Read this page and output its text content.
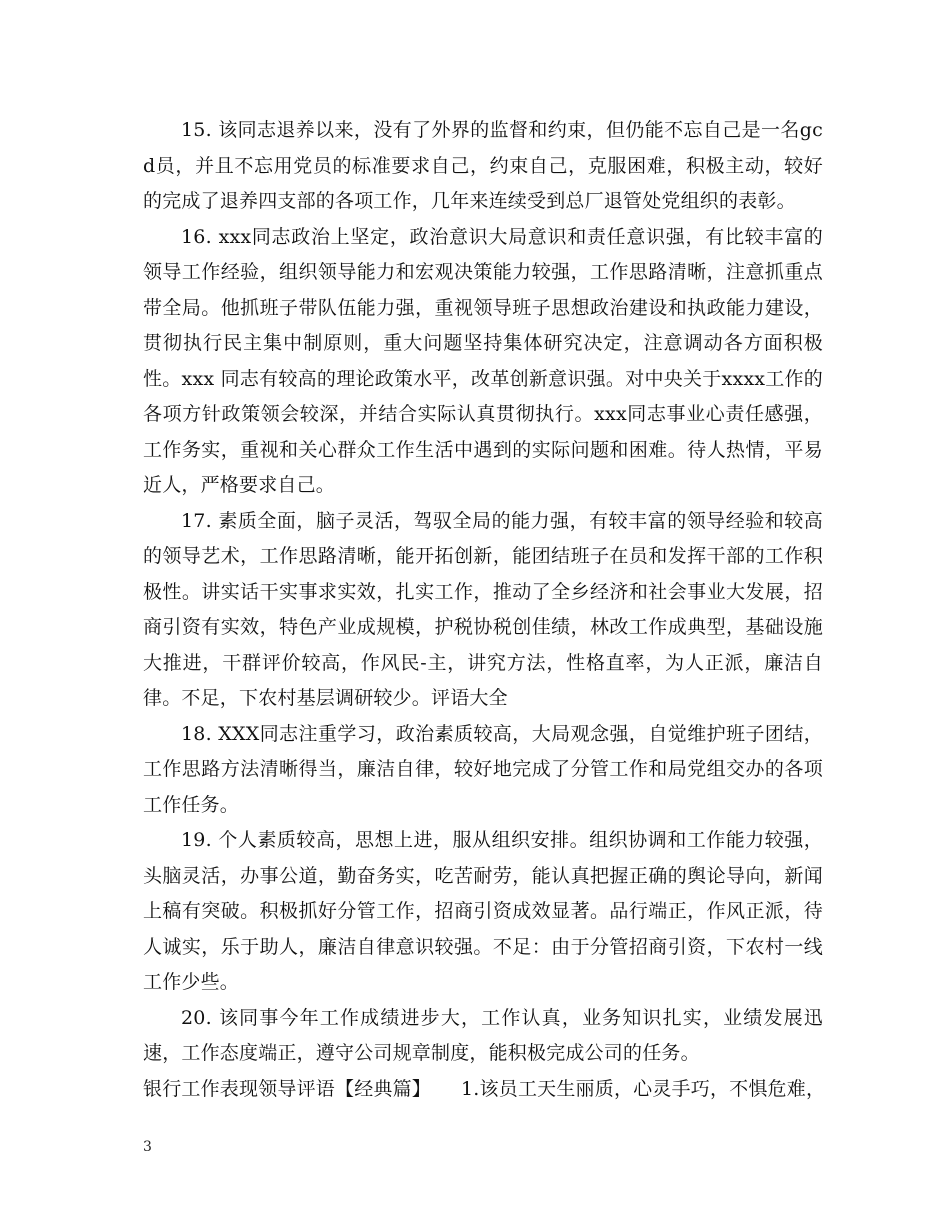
15. 该同志退养以来，没有了外界的监督和约束，但仍能不忘自己是一名gcd员，并且不忘用党员的标准要求自己，约束自己，克服困难，积极主动，较好的完成了退养四支部的各项工作，几年来连续受到总厂退管处党组织的表彰。

16. xxx同志政治上坚定，政治意识大局意识和责任意识强，有比较丰富的领导工作经验，组织领导能力和宏观决策能力较强，工作思路清晰，注意抓重点带全局。他抓班子带队伍能力强，重视领导班子思想政治建设和执政能力建设，贯彻执行民主集中制原则，重大问题坚持集体研究决定，注意调动各方面积极性。xxx 同志有较高的理论政策水平，改革创新意识强。对中央关于xxxx工作的各项方针政策领会较深，并结合实际认真贯彻执行。xxx同志事业心责任感强，工作务实，重视和关心群众工作生活中遇到的实际问题和困难。待人热情，平易近人，严格要求自己。

17. 素质全面，脑子灵活，驾驭全局的能力强，有较丰富的领导经验和较高的领导艺术，工作思路清晰，能开拓创新，能团结班子在员和发挥干部的工作积极性。讲实话干实事求实效，扎实工作，推动了全乡经济和社会事业大发展，招商引资有实效，特色产业成规模，护税协税创佳绩，林改工作成典型，基础设施大推进，干群评价较高，作风民-主，讲究方法，性格直率，为人正派，廉洁自律。不足，下农村基层调研较少。评语大全

18. XXX同志注重学习，政治素质较高，大局观念强，自觉维护班子团结，工作思路方法清晰得当，廉洁自律，较好地完成了分管工作和局党组交办的各项工作任务。

19. 个人素质较高，思想上进，服从组织安排。组织协调和工作能力较强，头脑灵活，办事公道，勤奋务实，吃苦耐劳，能认真把握正确的舆论导向，新闻上稿有突破。积极抓好分管工作，招商引资成效显著。品行端正，作风正派，待人诚实，乐于助人，廉洁自律意识较强。不足：由于分管招商引资，下农村一线工作少些。

20. 该同事今年工作成绩进步大，工作认真，业务知识扎实，业绩发展迅速，工作态度端正，遵守公司规章制度，能积极完成公司的任务。

银行工作表现领导评语【经典篇】 1.该员工天生丽质，心灵手巧，不惧危难，

3
